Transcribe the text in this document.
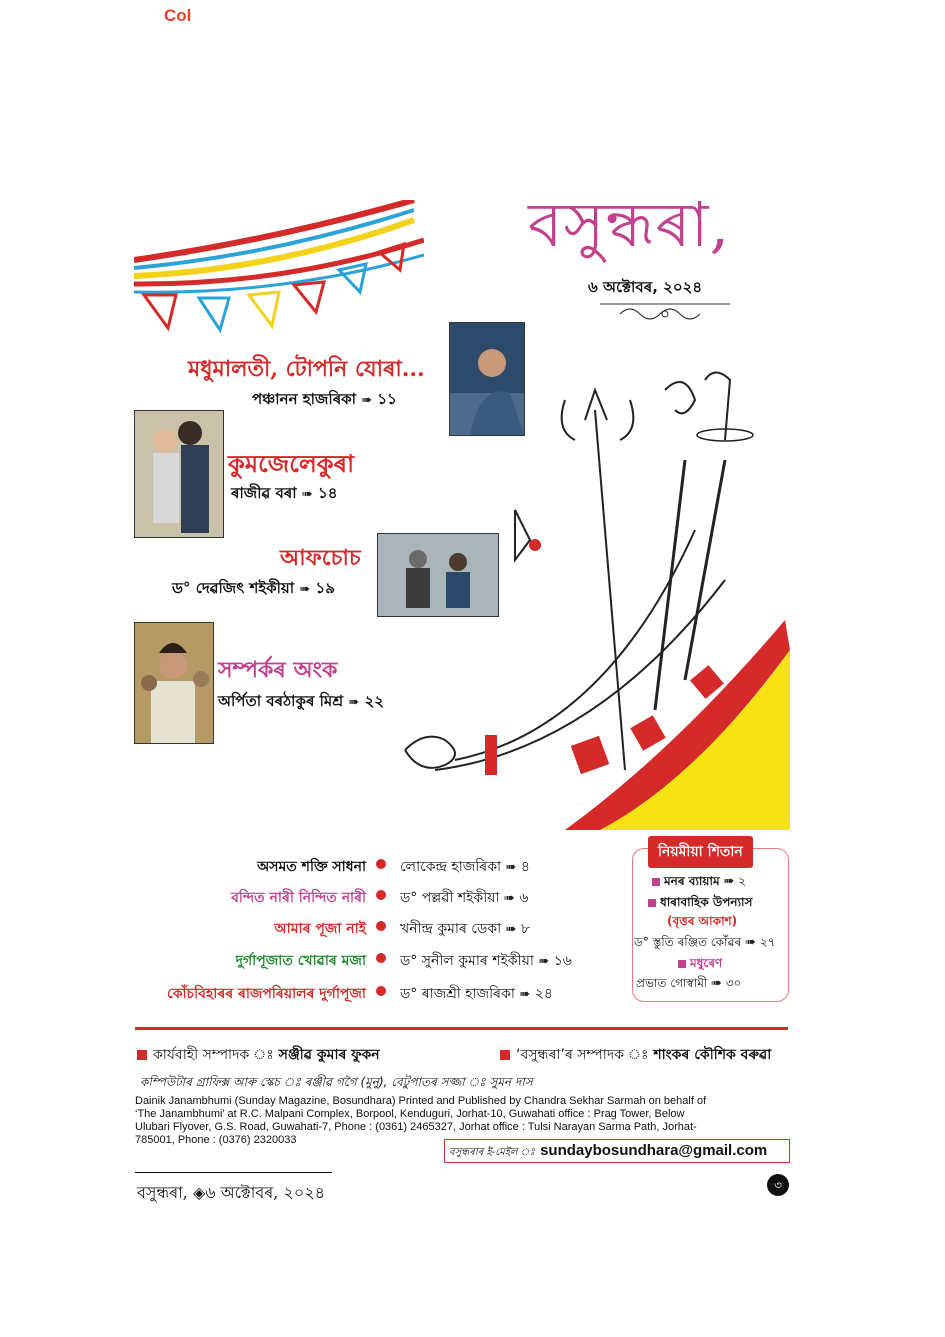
Col
বসুন্ধৰা,
৬ অক্টোবৰ, ২০২৪
মধুমালতী, টোপনি যোৰা...
পঞ্চানন হাজৰিকা ➠ ১১
কুমজেলেকুৰা
ৰাজীৱ বৰা ➠ ১৪
আফচোচ
ড° দেৱজিৎ শইকীয়া ➠ ১৯
সম্পৰ্কৰ অংক
অৰ্পিতা বৰঠাকুৰ মিশ্ৰ ➠ ২২
অসমত শক্তি সাধনা লোকেন্দ্ৰ হাজৰিকা ➠ ৪
বন্দিত নাৰী নিন্দিত নাৰী ড° পল্লৱী শইকীয়া ➠ ৬
আমাৰ পূজা নাই খনীন্দ্ৰ কুমাৰ ডেকা ➠ ৮
দুৰ্গাপূজাত খোৱাৰ মজা ড° সুনীল কুমাৰ শইকীয়া ➠ ১৬
কোঁচবিহাৰৰ ৰাজপৰিয়ালৰ দুৰ্গাপূজা ড° ৰাজশ্ৰী হাজৰিকা ➠ ২৪
নিয়মীয়া শিতান
মনৰ ব্যায়াম ➠ ২
ধাৰাবাহিক উপন্যাস
(বৃত্তৰ আকাশ)
ড° স্তুতি ৰঞ্জিত কোঁৱৰ ➠ ২৭
মধুৰেণ
প্ৰভাত গোস্বামী ➠ ৩০
কাৰ্যবাহী সম্পাদক ঃ সঞ্জীৱ কুমাৰ ফুকন	‘বসুন্ধৰা’ৰ সম্পাদক ঃ শাংকৰ কৌশিক বৰুৱা
কম্পিউটাৰ গ্ৰাফিক্স আৰু স্কেচ ঃ ৰঞ্জীৱ গগৈ (মুনু), বেটুপাতৰ সজ্জা ঃ সুমন দাস
Dainik Janambhumi (Sunday Magazine, Bosundhara) Printed and Published by Chandra Sekhar Sarmah on behalf of
‘The Janambhumi’ at R.C. Malpani Complex, Borpool, Kenduguri, Jorhat-10, Guwahati office : Prag Tower, Below
Ulubari Flyover, G.S. Road, Guwahati-7, Phone : (0361) 2465327, Jorhat office : Tulsi Narayan Sarma Path, Jorhat-
785001, Phone : (0376) 2320033
বসুন্ধৰাৰ ই-মেইল ঃ sundaybosundhara@gmail.com
বসুন্ধৰা, ◈৬ অক্টোবৰ, ২০২৪	৩
